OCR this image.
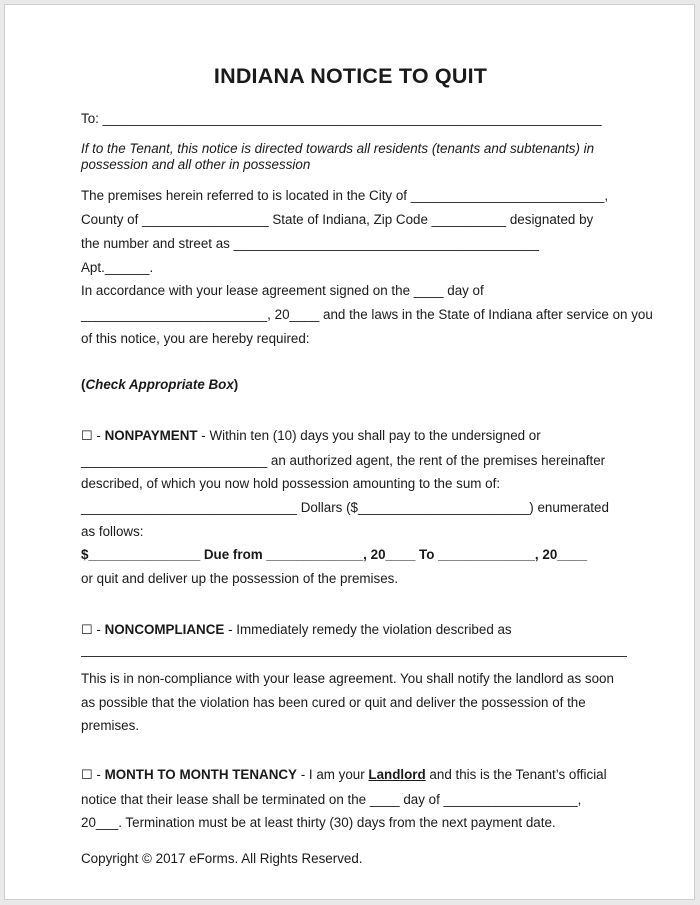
INDIANA NOTICE TO QUIT
To: ___________________________________________________________________
If to the Tenant, this notice is directed towards all residents (tenants and subtenants) in
possession and all other in possession
The premises herein referred to is located in the City of __________________________,
County of _________________ State of Indiana, Zip Code __________ designated by
the number and street as _________________________________________
Apt.______.
In accordance with your lease agreement signed on the ____ day of
_________________________, 20____ and the laws in the State of Indiana after service on you
of this notice, you are hereby required:
(Check Appropriate Box)
☐ - NONPAYMENT - Within ten (10) days you shall pay to the undersigned or
_________________________ an authorized agent, the rent of the premises hereinafter
described, of which you now hold possession amounting to the sum of:
_____________________________ Dollars ($_______________________) enumerated
as follows:
$_______________ Due from _____________, 20____ To _____________, 20____
or quit and deliver up the possession of the premises.
☐ - NONCOMPLIANCE - Immediately remedy the violation described as
This is in non-compliance with your lease agreement. You shall notify the landlord as soon
as possible that the violation has been cured or quit and deliver the possession of the
premises.
☐ - MONTH TO MONTH TENANCY - I am your Landlord and this is the Tenant’s official
notice that their lease shall be terminated on the ____ day of __________________,
20___. Termination must be at least thirty (30) days from the next payment date.
Copyright © 2017 eForms. All Rights Reserved.
